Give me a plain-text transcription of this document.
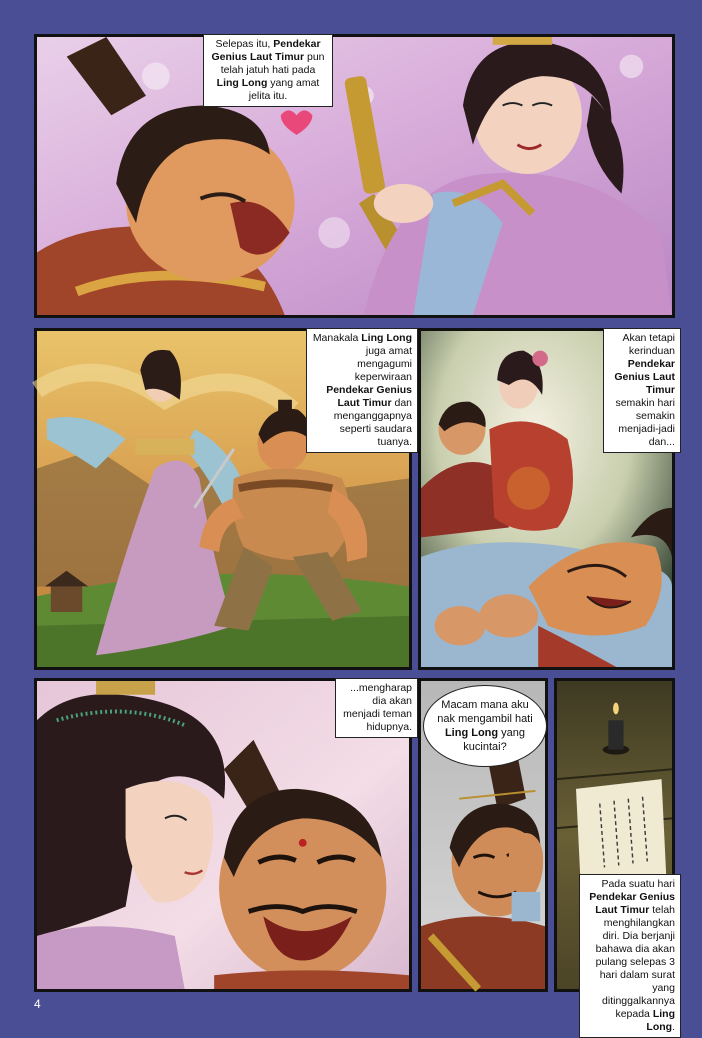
Selepas itu, Pendekar Genius Laut Timur pun telah jatuh hati pada Ling Long yang amat jelita itu.
Manakala Ling Long juga amat mengagumi keperwiraan Pendekar Genius Laut Timur dan menganggapnya seperti saudara tuanya.
Akan tetapi kerinduan Pendekar Genius Laut Timur semakin hari semakin menjadi-jadi dan...
...mengharap dia akan menjadi teman hidupnya.
Macam mana aku nak mengambil hati Ling Long yang kucintai?
Pada suatu hari Pendekar Genius Laut Timur telah menghilangkan diri. Dia berjanji bahawa dia akan pulang selepas 3 hari dalam surat yang ditinggalkannya kepada Ling Long.
4
